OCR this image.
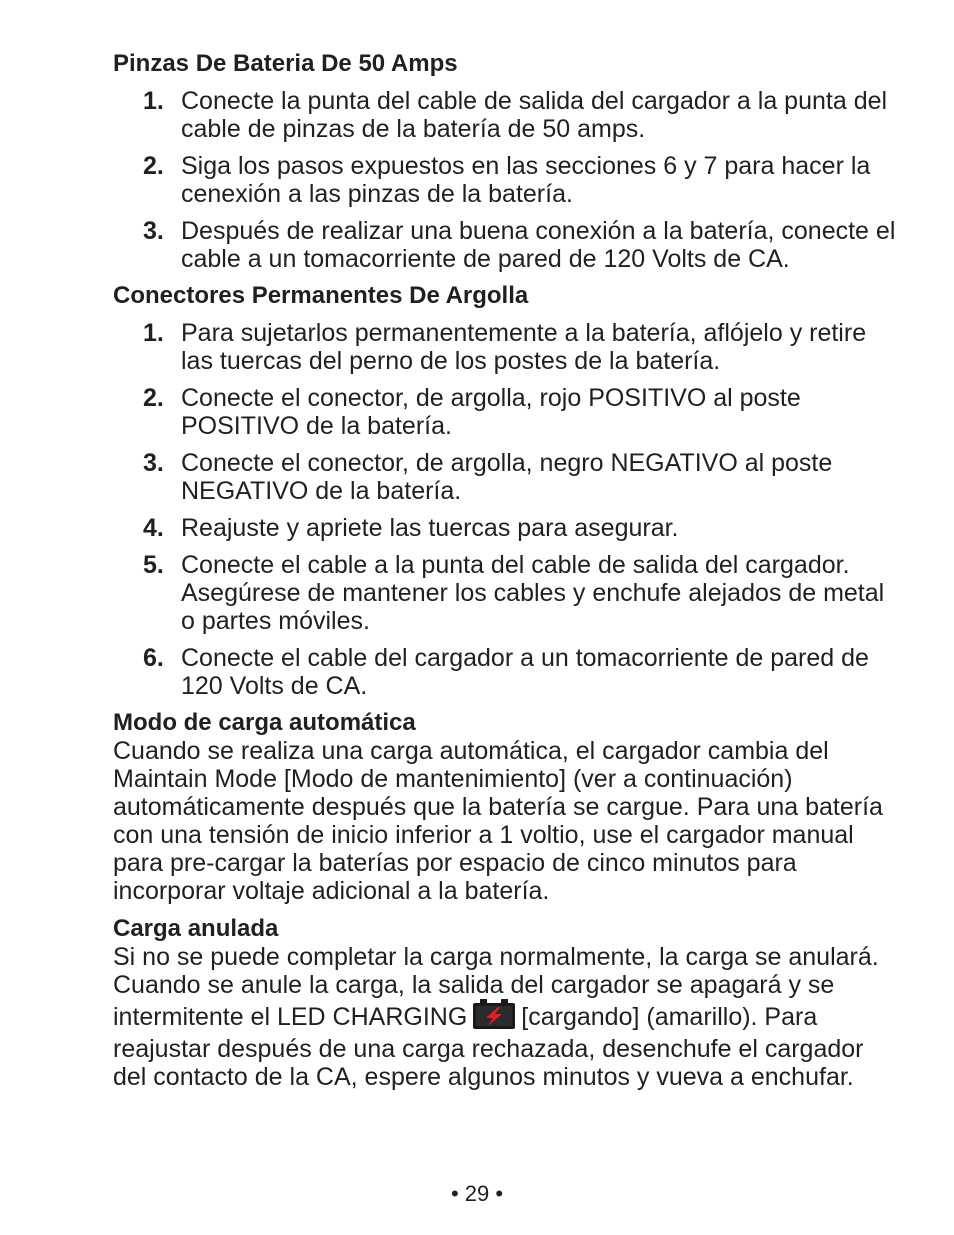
Pinzas De Bateria De 50 Amps
1. Conecte la punta del cable de salida del cargador a la punta del cable de pinzas de la batería de 50 amps.
2. Siga los pasos expuestos en las secciones 6 y 7 para hacer la cenexión a las pinzas de la batería.
3. Después de realizar una buena conexión a la batería, conecte el cable a un tomacorriente de pared de 120 Volts de CA.
Conectores Permanentes De Argolla
1. Para sujetarlos permanentemente a la batería, aflójelo y retire las tuercas del perno de los postes de la batería.
2. Conecte el conector, de argolla, rojo POSITIVO al poste POSITIVO de la batería.
3. Conecte el conector, de argolla, negro NEGATIVO al poste NEGATIVO de la batería.
4. Reajuste y apriete las tuercas para asegurar.
5. Conecte el cable a la punta del cable de salida del cargador. Asegúrese de mantener los cables y enchufe alejados de metal o partes móviles.
6. Conecte el cable del cargador a un tomacorriente de pared de 120 Volts de CA.
Modo de carga automática

Cuando se realiza una carga automática, el cargador cambia del Maintain Mode [Modo de mantenimiento] (ver a continuación) automáticamente después que la batería se cargue. Para una batería con una tensión de inicio inferior a 1 voltio, use el cargador manual para pre-cargar la baterías por espacio de cinco minutos para incorporar voltaje adicional a la batería.

Carga anulada

Si no se puede completar la carga normalmente, la carga se anulará. Cuando se anule la carga, la salida del cargador se apagará y se intermitente el LED CHARGING [cargando] (amarillo). Para reajustar después de una carga rechazada, desenchufe el cargador del contacto de la CA, espere algunos minutos y vueva a enchufar.

• 29 •
